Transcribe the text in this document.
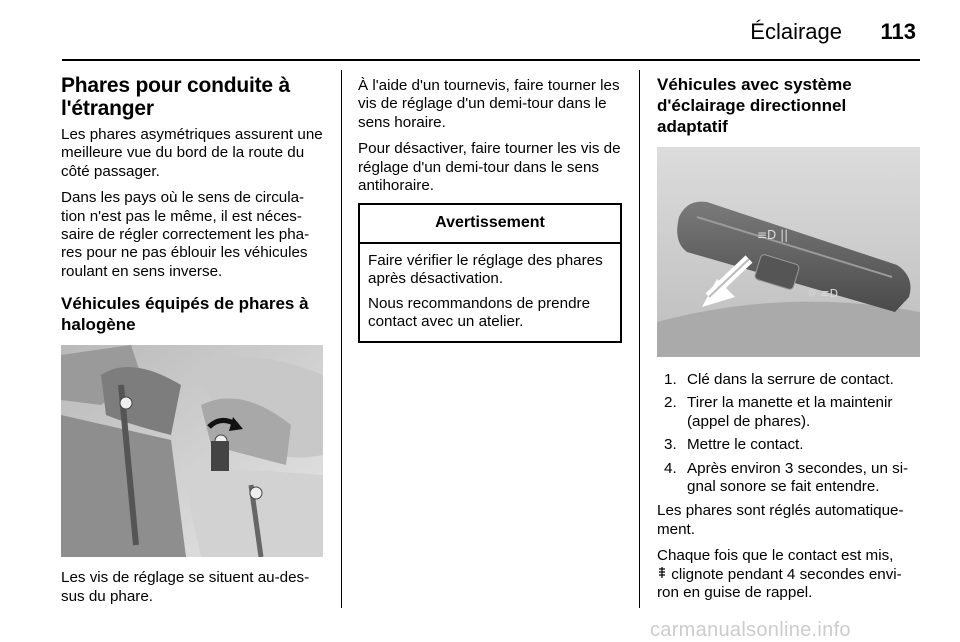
Éclairage 113
Phares pour conduite à l'étranger

Les phares asymétriques assurent une meilleure vue du bord de la route du côté passager.

Dans les pays où le sens de circula-tion n'est pas le même, il est néces-saire de régler correctement les pha-res pour ne pas éblouir les véhicules roulant en sens inverse.

Véhicules équipés de phares à halogène

Les vis de réglage se situent au-des-sus du phare.

À l'aide d'un tournevis, faire tourner les vis de réglage d'un demi-tour dans le sens horaire.

Pour désactiver, faire tourner les vis de réglage d'un demi-tour dans le sens antihoraire.

Avertissement

Faire vérifier le réglage des phares après désactivation.

Nous recommandons de prendre contact avec un atelier.

Véhicules avec système d'éclairage directionnel adaptatif
≡D ||
☼ ≡D
1. Clé dans la serrure de contact.
2. Tirer la manette et la maintenir (appel de phares).
3. Mettre le contact.
4. Après environ 3 secondes, un si-gnal sonore se fait entendre.

Les phares sont réglés automatique-ment.

Chaque fois que le contact est mis,
clignote pendant 4 secondes envi-ron en guise de rappel.

carmanualsonline.info
